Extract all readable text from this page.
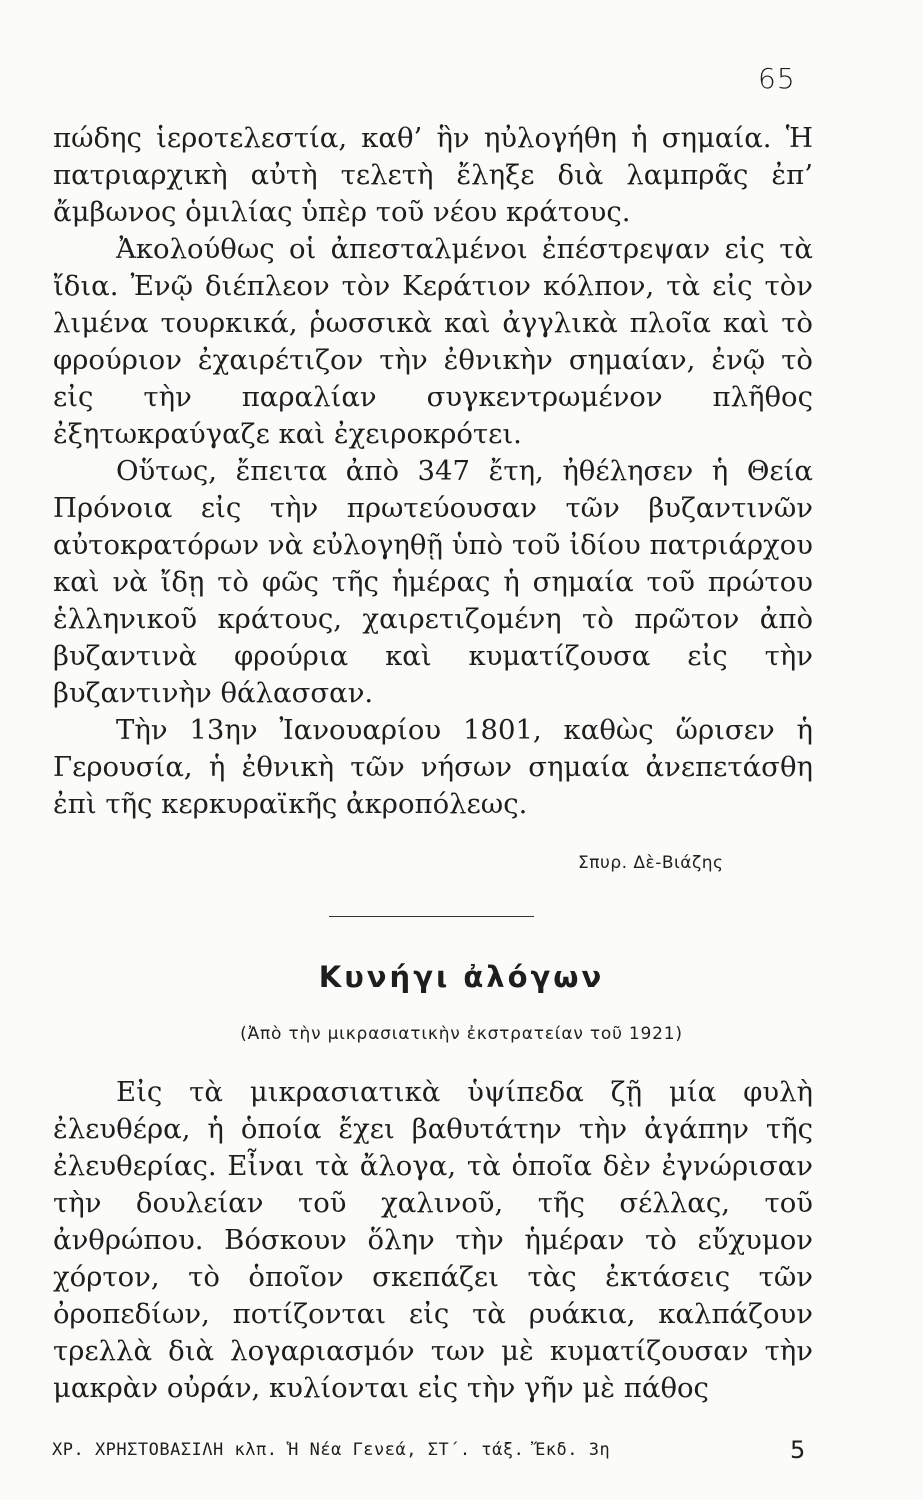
65

πώδης ἱεροτελεστία, καθ’ ἣν ηὐλογήθη ἡ σημαία. Ἡ πατριαρχικὴ αὐτὴ τελετὴ ἔληξε διὰ λαμπρᾶς ἐπ’ ἄμβωνος ὁμιλίας ὑπὲρ τοῦ νέου κράτους.

Ἀκολούθως οἱ ἀπεσταλμένοι ἐπέστρεψαν εἰς τὰ ἴδια. Ἐνῷ διέπλεον τὸν Κεράτιον κόλπον, τὰ εἰς τὸν λιμένα τουρκικά, ῥωσσικὰ καὶ ἀγγλικὰ πλοῖα καὶ τὸ φρούριον ἐχαιρέτιζον τὴν ἐθνικὴν σημαίαν, ἐνῷ τὸ εἰς τὴν παραλίαν συγκεντρωμένον πλῆθος ἐξητωκραύγαζε καὶ ἐχειροκρότει.

Οὕτως, ἔπειτα ἀπὸ 347 ἔτη, ἠθέλησεν ἡ Θεία Πρόνοια εἰς τὴν πρωτεύουσαν τῶν βυζαντινῶν αὐτοκρατόρων νὰ εὐλογηθῇ ὑπὸ τοῦ ἰδίου πατριάρχου καὶ νὰ ἴδῃ τὸ φῶς τῆς ἡμέρας ἡ σημαία τοῦ πρώτου ἑλληνικοῦ κράτους, χαιρετιζομένη τὸ πρῶτον ἀπὸ βυζαντινὰ φρούρια καὶ κυματίζουσα εἰς τὴν βυζαντινὴν θάλασσαν.

Τὴν 13ην Ἰανουαρίου 1801, καθὼς ὥρισεν ἡ Γερουσία, ἡ ἐθνικὴ τῶν νήσων σημαία ἀνεπετάσθη ἐπὶ τῆς κερκυραϊκῆς ἀκροπόλεως.

Σπυρ. Δὲ-Βιάζης
Κυνήγι ἀλόγων
(Ἀπὸ τὴν μικρασιατικὴν ἐκστρατείαν τοῦ 1921)

Εἰς τὰ μικρασιατικὰ ὑψίπεδα ζῇ μία φυλὴ ἐλευθέρα, ἡ ὁποία ἔχει βαθυτάτην τὴν ἀγάπην τῆς ἐλευθερίας. Εἶναι τὰ ἄλογα, τὰ ὁποῖα δὲν ἐγνώρισαν τὴν δουλείαν τοῦ χαλινοῦ, τῆς σέλλας, τοῦ ἀνθρώπου. Βόσκουν ὅλην τὴν ἡμέραν τὸ εὔχυμον χόρτον, τὸ ὁποῖον σκεπάζει τὰς ἐκτάσεις τῶν ὀροπεδίων, ποτίζονται εἰς τὰ ρυάκια, καλπάζουν τρελλὰ διὰ λογαριασμόν των μὲ κυματίζουσαν τὴν μακρὰν οὐράν, κυλίονται εἰς τὴν γῆν μὲ πάθος

ΧΡ. ΧΡΗΣΤΟΒΑΣΙΛΗ κλπ. Ἡ Νέα Γενεά, ΣΤ΄. τάξ. Ἔκδ. 3η	5
